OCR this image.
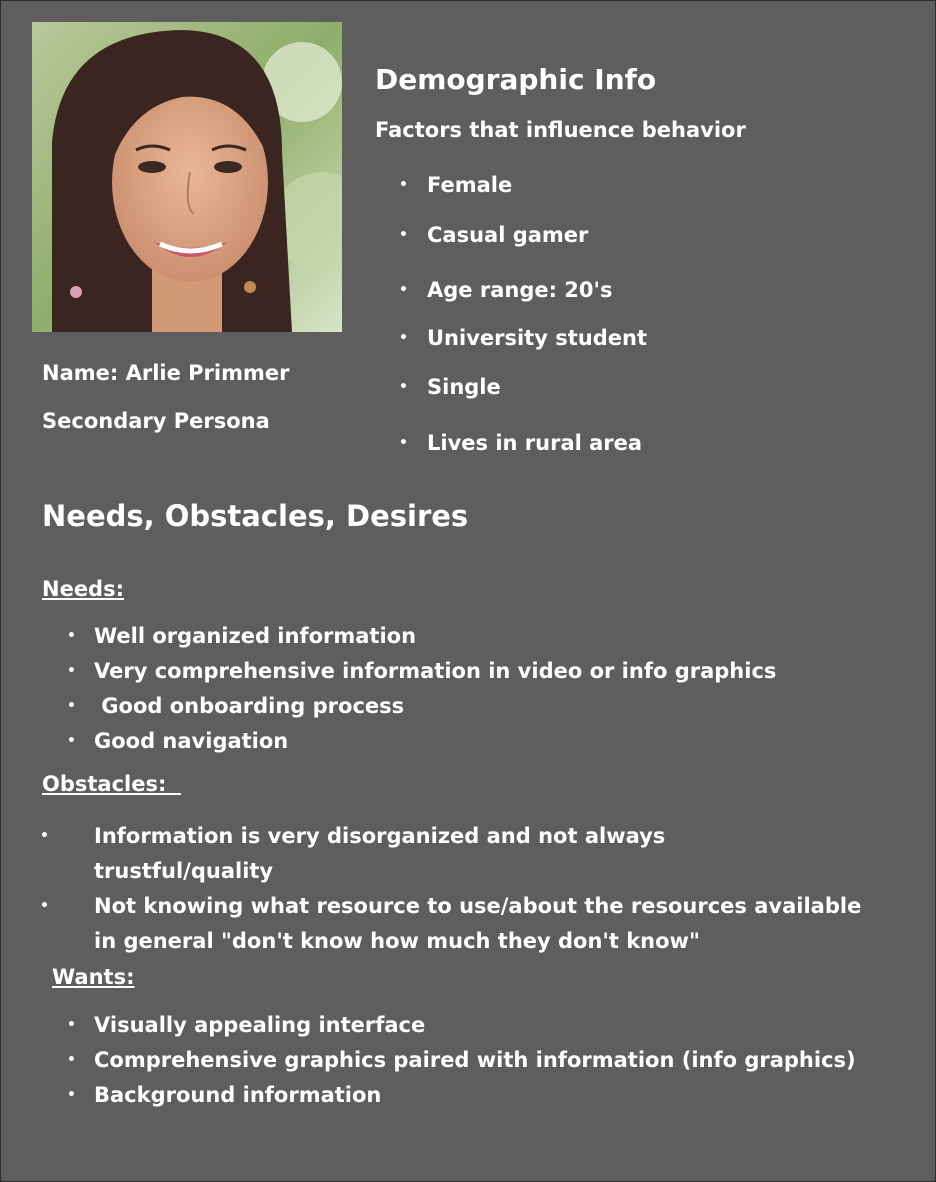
Name: Arlie Primmer
Secondary Persona
Demographic Info
Factors that influence behavior
• Female
• Casual gamer
• Age range: 20's
• University student
• Single
• Lives in rural area
Needs, Obstacles, Desires
Needs:
• Well organized information
• Very comprehensive information in video or info graphics
• Good onboarding process
• Good navigation
Obstacles:
• Information is very disorganized and not always trustful/quality
• Not knowing what resource to use/about the resources available in general "don't know how much they don't know"
Wants:
• Visually appealing interface
• Comprehensive graphics paired with information (info graphics)
• Background information
